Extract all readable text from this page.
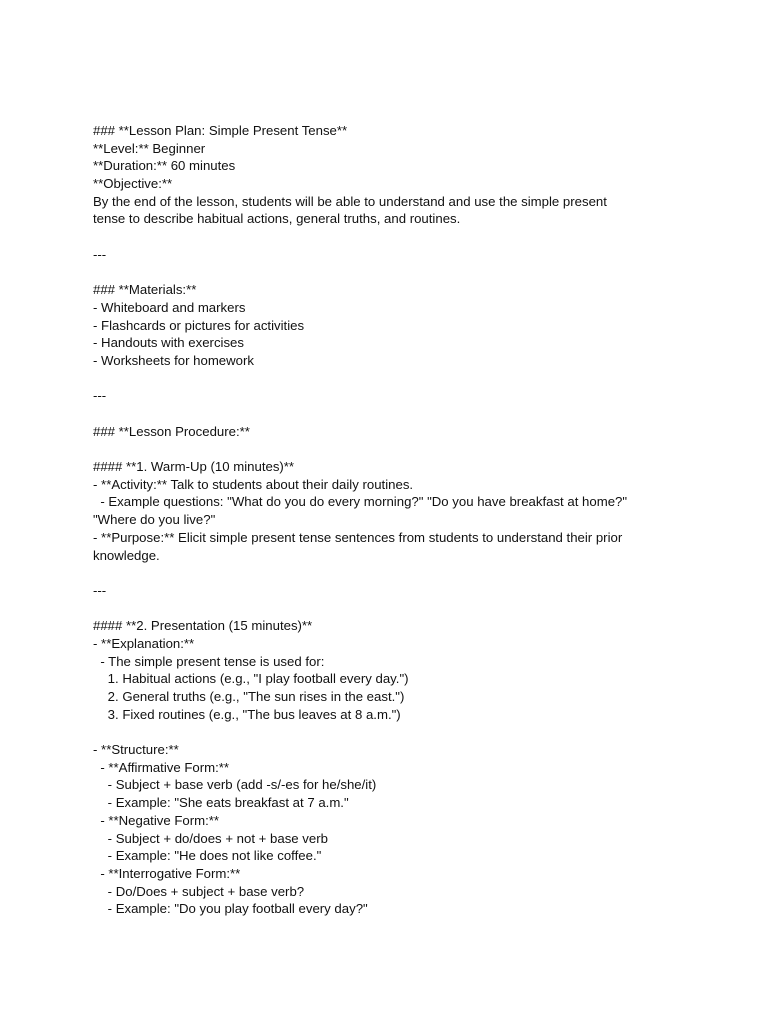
### **Lesson Plan: Simple Present Tense**
**Level:** Beginner
**Duration:** 60 minutes
**Objective:**
By the end of the lesson, students will be able to understand and use the simple present
tense to describe habitual actions, general truths, and routines.
---
### **Materials:**
- Whiteboard and markers
- Flashcards or pictures for activities
- Handouts with exercises
- Worksheets for homework
---
### **Lesson Procedure:**
#### **1. Warm-Up (10 minutes)**
- **Activity:** Talk to students about their daily routines.
- Example questions: "What do you do every morning?" "Do you have breakfast at home?"
"Where do you live?"
- **Purpose:** Elicit simple present tense sentences from students to understand their prior
knowledge.
---
#### **2. Presentation (15 minutes)**
- **Explanation:**
- The simple present tense is used for:
1. Habitual actions (e.g., "I play football every day.")
2. General truths (e.g., "The sun rises in the east.")
3. Fixed routines (e.g., "The bus leaves at 8 a.m.")
- **Structure:**
- **Affirmative Form:**
- Subject + base verb (add -s/-es for he/she/it)
- Example: "She eats breakfast at 7 a.m."
- **Negative Form:**
- Subject + do/does + not + base verb
- Example: "He does not like coffee."
- **Interrogative Form:**
- Do/Does + subject + base verb?
- Example: "Do you play football every day?"
